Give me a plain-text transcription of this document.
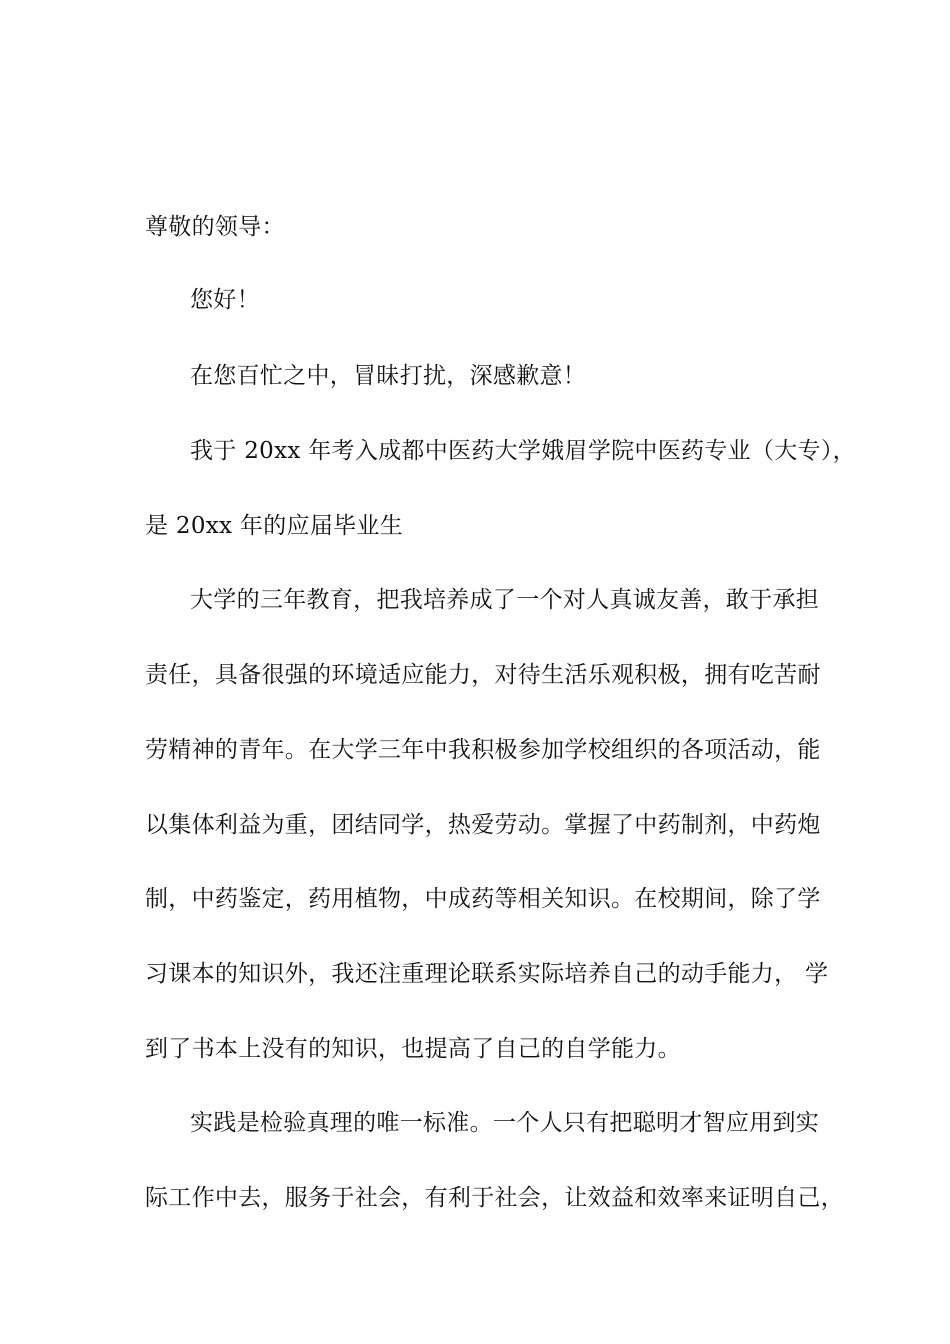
尊敬的领导：
您好！
在您百忙之中，冒昧打扰，深感歉意！
我于 20xx 年考入成都中医药大学娥眉学院中医药专业（大专），
是 20xx 年的应届毕业生
大学的三年教育，把我培养成了一个对人真诚友善，敢于承担
责任，具备很强的环境适应能力，对待生活乐观积极，拥有吃苦耐
劳精神的青年。在大学三年中我积极参加学校组织的各项活动，能
以集体利益为重，团结同学，热爱劳动。掌握了中药制剂，中药炮
制，中药鉴定，药用植物，中成药等相关知识。在校期间，除了学
习课本的知识外，我还注重理论联系实际培养自己的动手能力， 学
到了书本上没有的知识，也提高了自己的自学能力。
实践是检验真理的唯一标准。一个人只有把聪明才智应用到实
际工作中去，服务于社会，有利于社会，让效益和效率来证明自己，
